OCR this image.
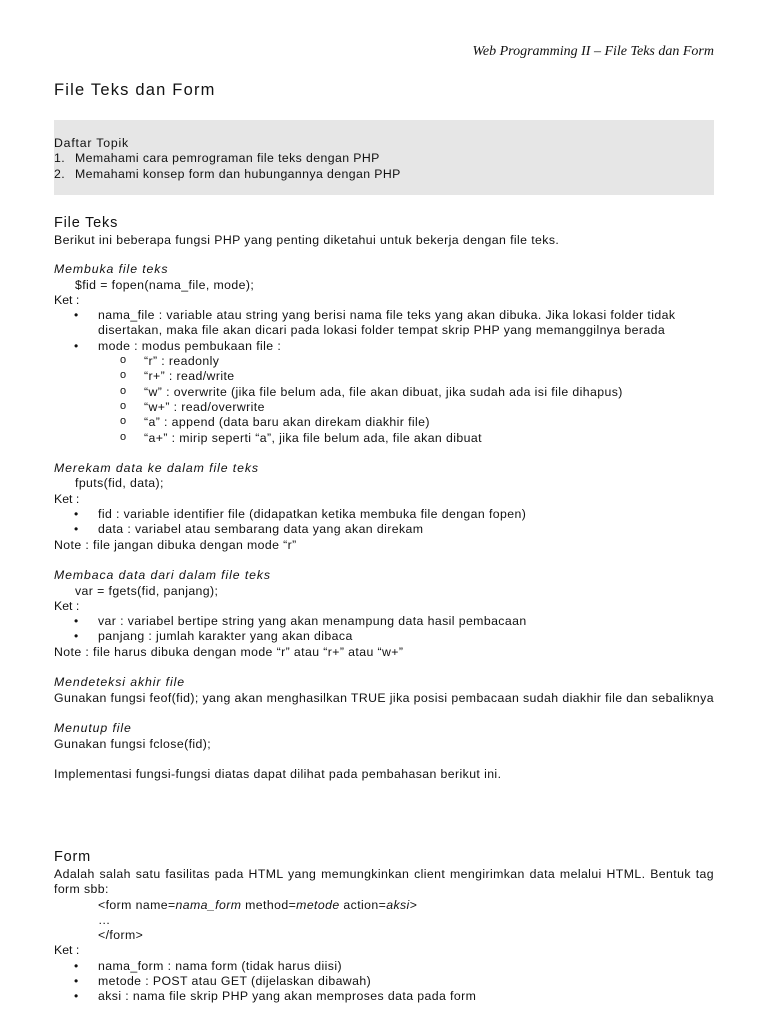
Web Programming II – File Teks dan Form
File Teks dan Form
Daftar Topik
1. Memahami cara pemrograman file teks dengan PHP
2. Memahami konsep form dan hubungannya dengan PHP
File Teks
Berikut ini beberapa fungsi PHP yang penting diketahui untuk bekerja dengan file teks.
Membuka file teks
$fid = fopen(nama_file, mode);
Ket :
• nama_file : variable atau string yang berisi nama file teks yang akan dibuka. Jika lokasi folder tidak disertakan, maka file akan dicari pada lokasi folder tempat skrip PHP yang memanggilnya berada
• mode : modus pembukaan file :
o “r” : readonly
o “r+” : read/write
o “w” : overwrite (jika file belum ada, file akan dibuat, jika sudah ada isi file dihapus)
o “w+” : read/overwrite
o “a” : append (data baru akan direkam diakhir file)
o “a+” : mirip seperti “a”, jika file belum ada, file akan dibuat
Merekam data ke dalam file teks
fputs(fid, data);
Ket :
• fid : variable identifier file (didapatkan ketika membuka file dengan fopen)
• data : variabel atau sembarang data yang akan direkam
Note : file jangan dibuka dengan mode “r”
Membaca data dari dalam file teks
var = fgets(fid, panjang);
Ket :
• var : variabel bertipe string yang akan menampung data hasil pembacaan
• panjang : jumlah karakter yang akan dibaca
Note : file harus dibuka dengan mode “r” atau “r+” atau “w+”
Mendeteksi akhir file
Gunakan fungsi feof(fid); yang akan menghasilkan TRUE jika posisi pembacaan sudah diakhir file dan sebaliknya
Menutup file
Gunakan fungsi fclose(fid);
Implementasi fungsi-fungsi diatas dapat dilihat pada pembahasan berikut ini.
Form
Adalah salah satu fasilitas pada HTML yang memungkinkan client mengirimkan data melalui HTML. Bentuk tag form sbb:
<form name=nama_form method=metode action=aksi>
…
</form>
Ket :
• nama_form : nama form (tidak harus diisi)
• metode : POST atau GET (dijelaskan dibawah)
• aksi : nama file skrip PHP yang akan memproses data pada form
